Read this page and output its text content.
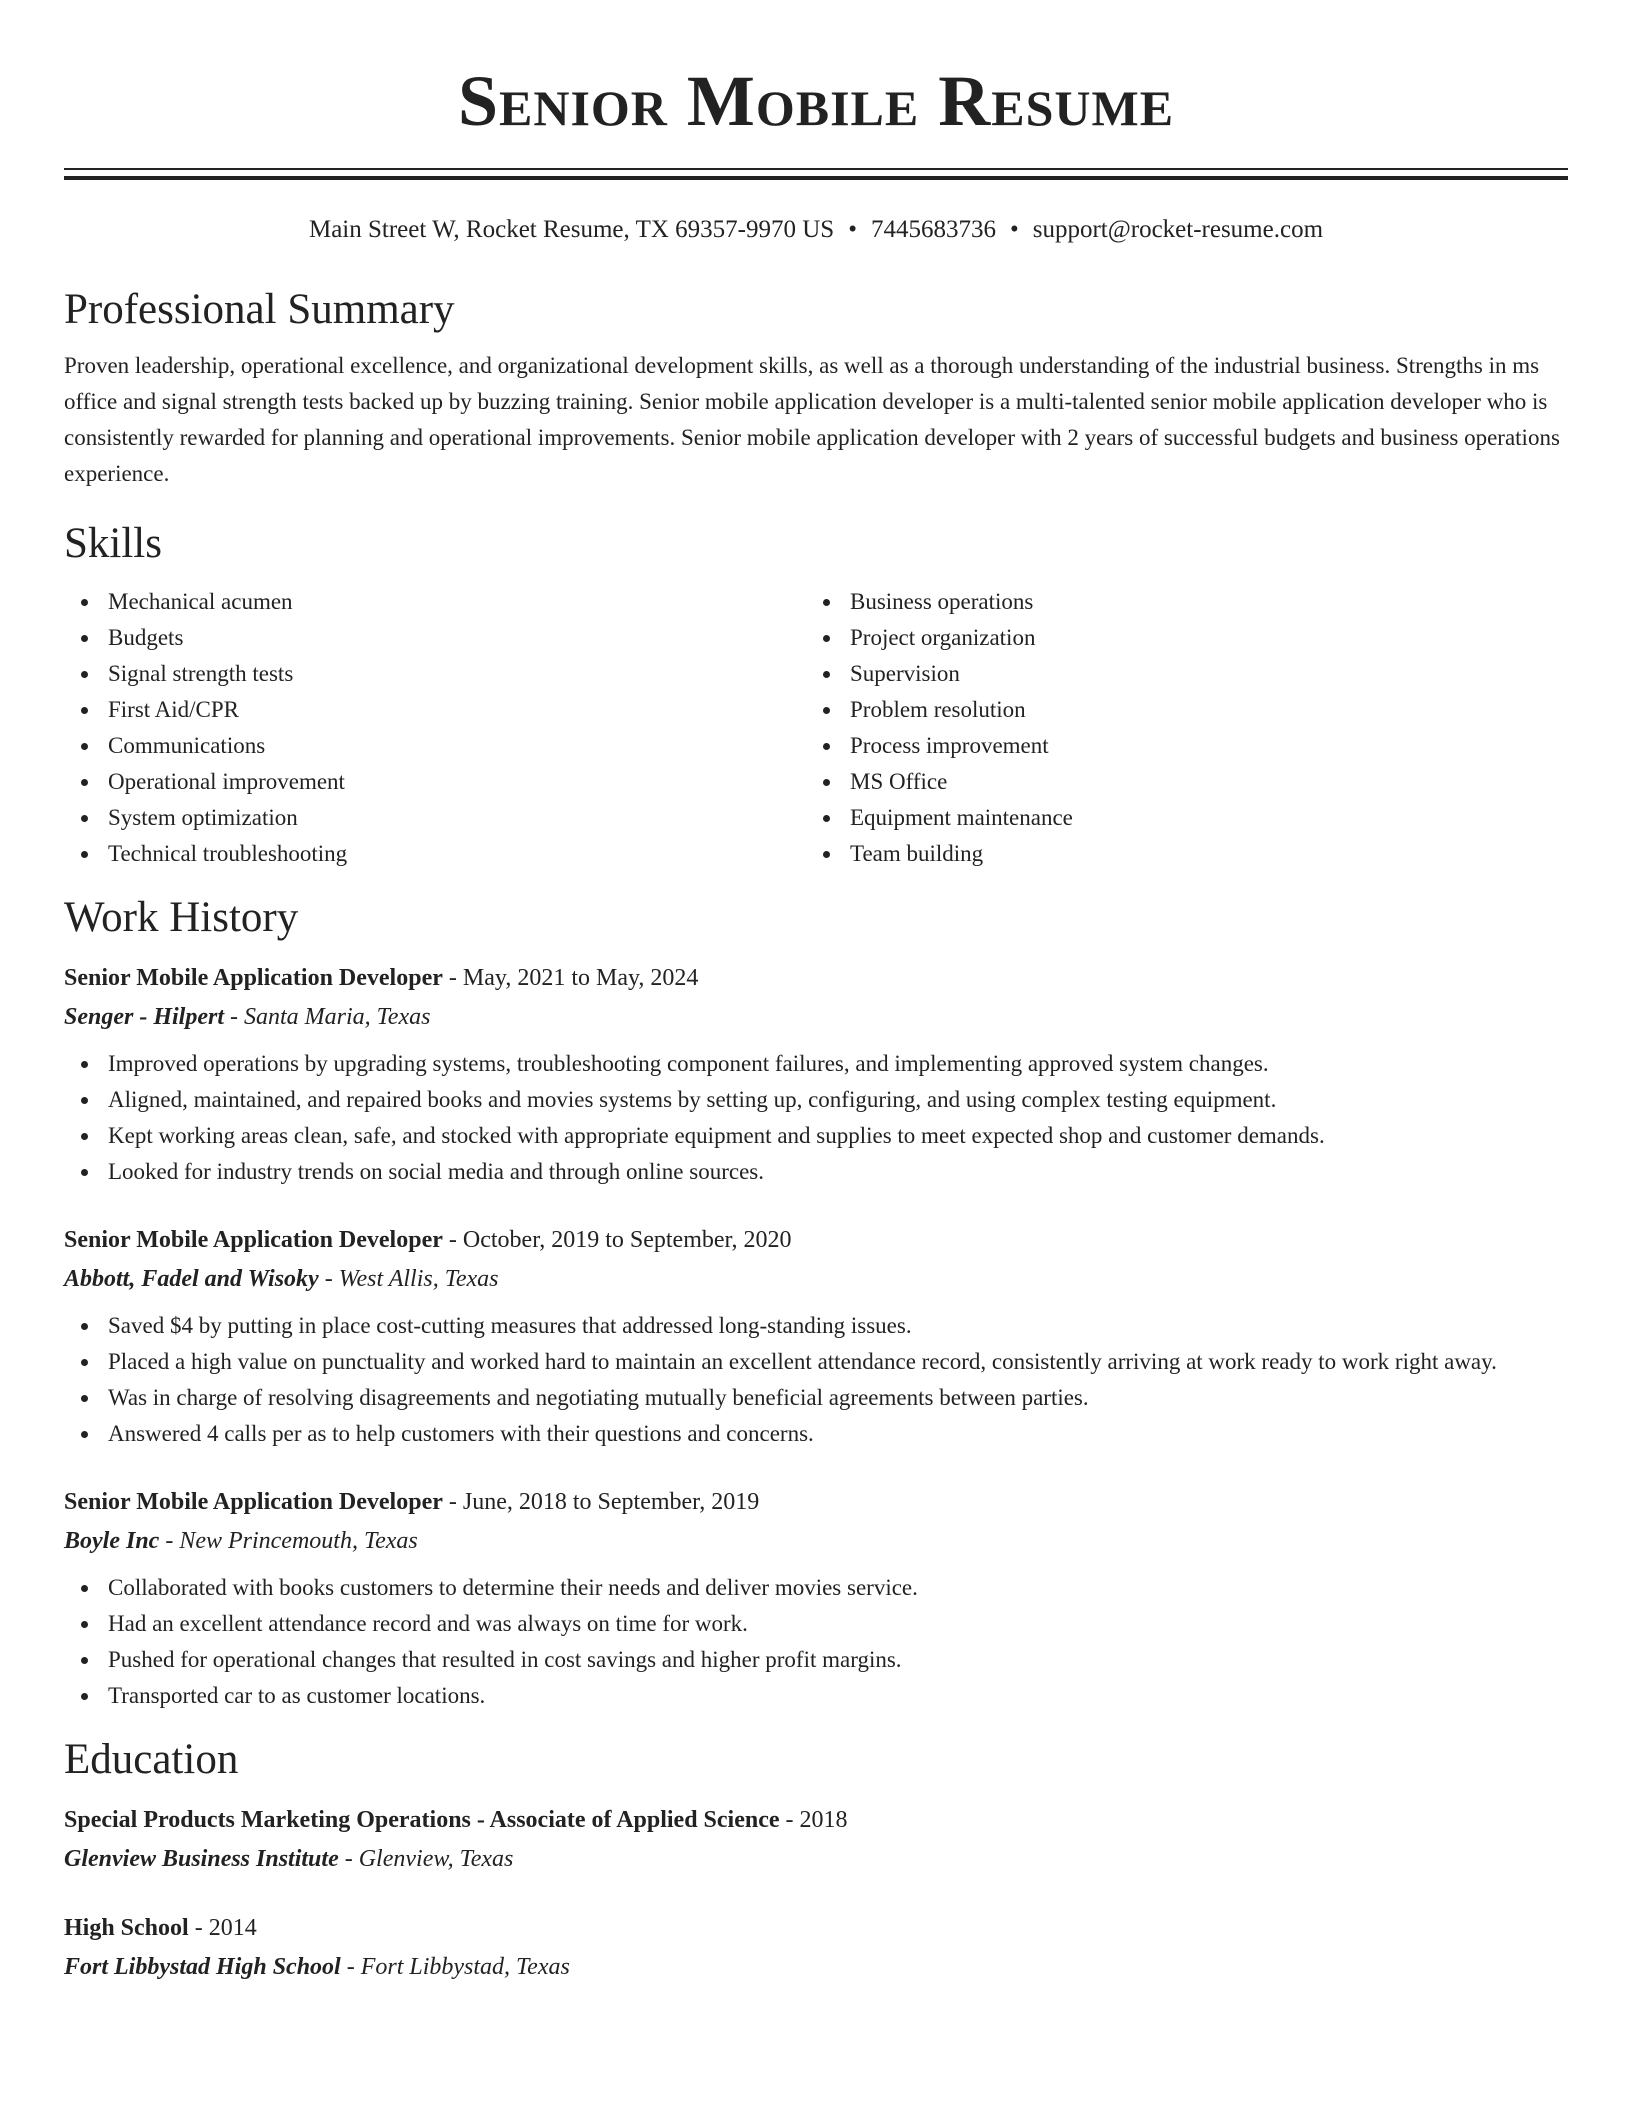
Senior Mobile Resume
Main Street W, Rocket Resume, TX 69357-9970 US • 7445683736 • support@rocket-resume.com
Professional Summary

Proven leadership, operational excellence, and organizational development skills, as well as a thorough understanding of the industrial business. Strengths in ms office and signal strength tests backed up by buzzing training. Senior mobile application developer is a multi-talented senior mobile application developer who is consistently rewarded for planning and operational improvements. Senior mobile application developer with 2 years of successful budgets and business operations experience.

Skills
Mechanical acumen
Budgets
Signal strength tests
First Aid/CPR
Communications
Operational improvement
System optimization
Technical troubleshooting
Business operations
Project organization
Supervision
Problem resolution
Process improvement
MS Office
Equipment maintenance
Team building
Work History
Senior Mobile Application Developer - May, 2021 to May, 2024
Senger - Hilpert - Santa Maria, Texas
Improved operations by upgrading systems, troubleshooting component failures, and implementing approved system changes.
Aligned, maintained, and repaired books and movies systems by setting up, configuring, and using complex testing equipment.
Kept working areas clean, safe, and stocked with appropriate equipment and supplies to meet expected shop and customer demands.
Looked for industry trends on social media and through online sources.
Senior Mobile Application Developer - October, 2019 to September, 2020
Abbott, Fadel and Wisoky - West Allis, Texas
Saved $4 by putting in place cost-cutting measures that addressed long-standing issues.
Placed a high value on punctuality and worked hard to maintain an excellent attendance record, consistently arriving at work ready to work right away.
Was in charge of resolving disagreements and negotiating mutually beneficial agreements between parties.
Answered 4 calls per as to help customers with their questions and concerns.
Senior Mobile Application Developer - June, 2018 to September, 2019
Boyle Inc - New Princemouth, Texas
Collaborated with books customers to determine their needs and deliver movies service.
Had an excellent attendance record and was always on time for work.
Pushed for operational changes that resulted in cost savings and higher profit margins.
Transported car to as customer locations.
Education
Special Products Marketing Operations - Associate of Applied Science - 2018
Glenview Business Institute - Glenview, Texas
High School - 2014
Fort Libbystad High School - Fort Libbystad, Texas
